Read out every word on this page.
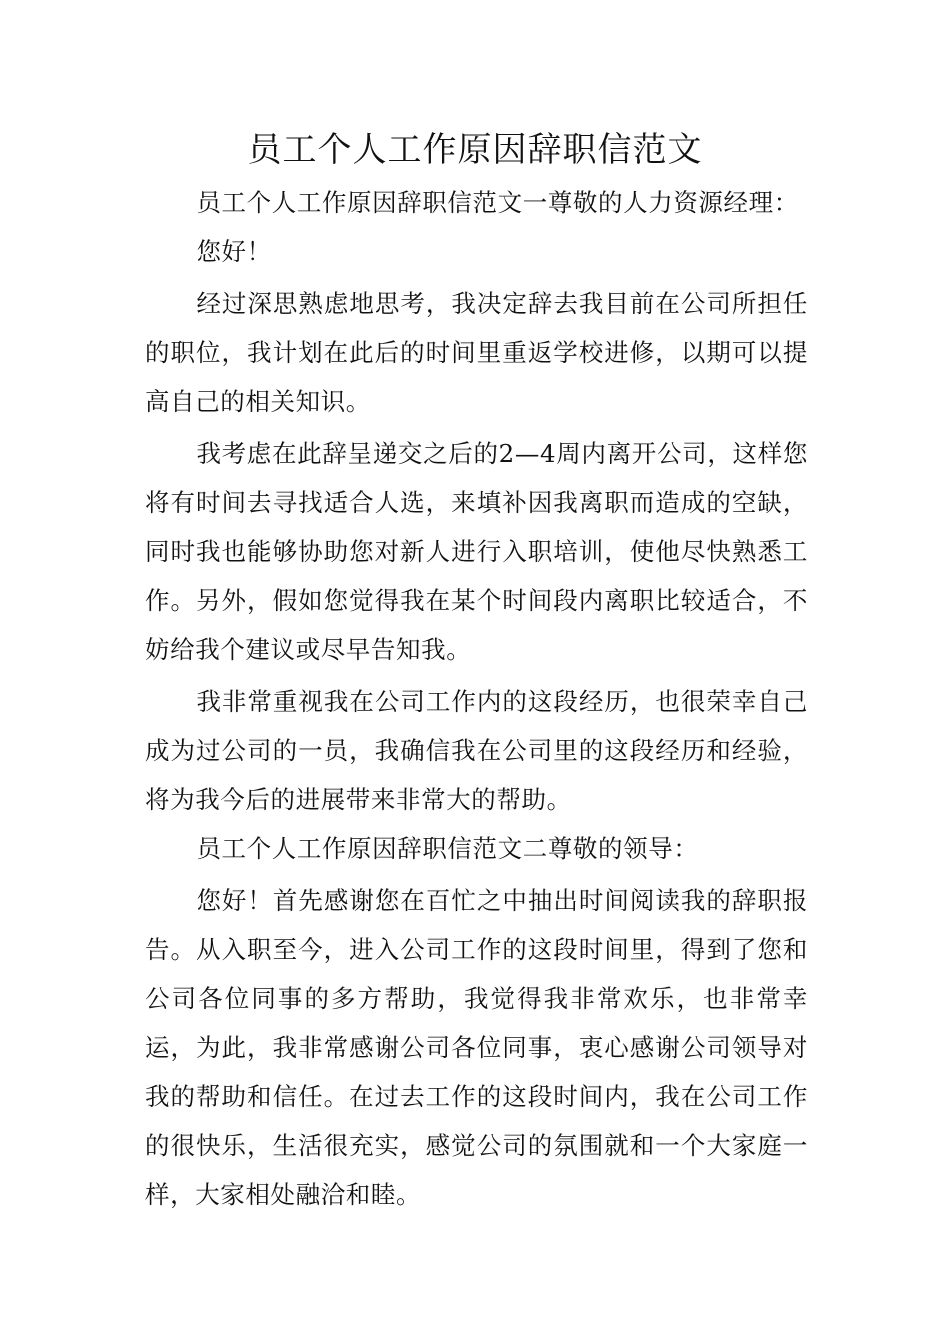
员工个人工作原因辞职信范文

员工个人工作原因辞职信范文一尊敬的人力资源经理：

您好！

经过深思熟虑地思考，我决定辞去我目前在公司所担任的职位，我计划在此后的时间里重返学校进修，以期可以提高自己的相关知识。

我考虑在此辞呈递交之后的2—4周内离开公司，这样您将有时间去寻找适合人选，来填补因我离职而造成的空缺，同时我也能够协助您对新人进行入职培训，使他尽快熟悉工作。另外，假如您觉得我在某个时间段内离职比较适合，不妨给我个建议或尽早告知我。

我非常重视我在公司工作内的这段经历，也很荣幸自己成为过公司的一员，我确信我在公司里的这段经历和经验，将为我今后的进展带来非常大的帮助。

员工个人工作原因辞职信范文二尊敬的领导：

您好！首先感谢您在百忙之中抽出时间阅读我的辞职报告。从入职至今，进入公司工作的这段时间里，得到了您和公司各位同事的多方帮助，我觉得我非常欢乐，也非常幸运，为此，我非常感谢公司各位同事，衷心感谢公司领导对我的帮助和信任。在过去工作的这段时间内，我在公司工作的很快乐，生活很充实，感觉公司的氛围就和一个大家庭一样，大家相处融洽和睦。
